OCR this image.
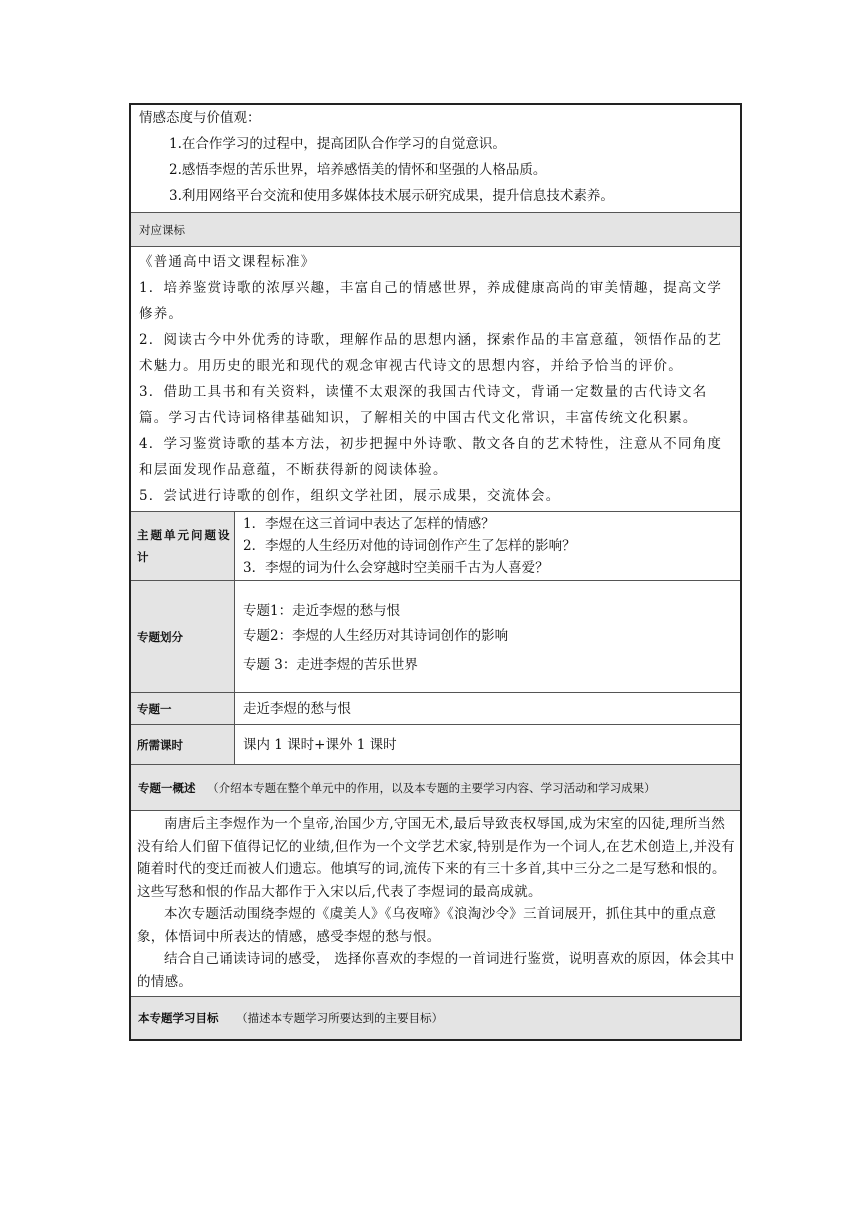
情感态度与价值观：

1.在合作学习的过程中，提高团队合作学习的自觉意识。

2.感悟李煜的苦乐世界，培养感悟美的情怀和坚强的人格品质。

3.利用网络平台交流和使用多媒体技术展示研究成果，提升信息技术素养。

对应课标

《普通高中语文课程标准》

1．培养鉴赏诗歌的浓厚兴趣，丰富自己的情感世界，养成健康高尚的审美情趣，提高文学修养。

2．阅读古今中外优秀的诗歌，理解作品的思想内涵，探索作品的丰富意蕴，领悟作品的艺术魅力。用历史的眼光和现代的观念审视古代诗文的思想内容，并给予恰当的评价。

3．借助工具书和有关资料，读懂不太艰深的我国古代诗文，背诵一定数量的古代诗文名篇。学习古代诗词格律基础知识，了解相关的中国古代文化常识，丰富传统文化积累。

4．学习鉴赏诗歌的基本方法，初步把握中外诗歌、散文各自的艺术特性，注意从不同角度和层面发现作品意蕴，不断获得新的阅读体验。

5．尝试进行诗歌的创作，组织文学社团，展示成果，交流体会。

主题单元问题设计

1．李煜在这三首词中表达了怎样的情感？

2．李煜的人生经历对他的诗词创作产生了怎样的影响？

3．李煜的词为什么会穿越时空美丽千古为人喜爱？

专题划分

专题1：走近李煜的愁与恨

专题2：李煜的人生经历对其诗词创作的影响

专题 3：走进李煜的苦乐世界

专题一	走近李煜的愁与恨
所需课时	课内 1 课时+课外 1 课时
专题一概述 （介绍本专题在整个单元中的作用，以及本专题的主要学习内容、学习活动和学习成果）

南唐后主李煜作为一个皇帝,治国少方,守国无术,最后导致丧权辱国,成为宋室的囚徒,理所当然没有给人们留下值得记忆的业绩,但作为一个文学艺术家,特别是作为一个词人,在艺术创造上,并没有随着时代的变迁而被人们遗忘。他填写的词,流传下来的有三十多首,其中三分之二是写愁和恨的。这些写愁和恨的作品大都作于入宋以后,代表了李煜词的最高成就。

本次专题活动围绕李煜的《虞美人》《乌夜啼》《浪淘沙令》三首词展开，抓住其中的重点意象，体悟词中所表达的情感，感受李煜的愁与恨。

结合自己诵读诗词的感受， 选择你喜欢的李煜的一首词进行鉴赏，说明喜欢的原因，体会其中的情感。

本专题学习目标 （描述本专题学习所要达到的主要目标）
